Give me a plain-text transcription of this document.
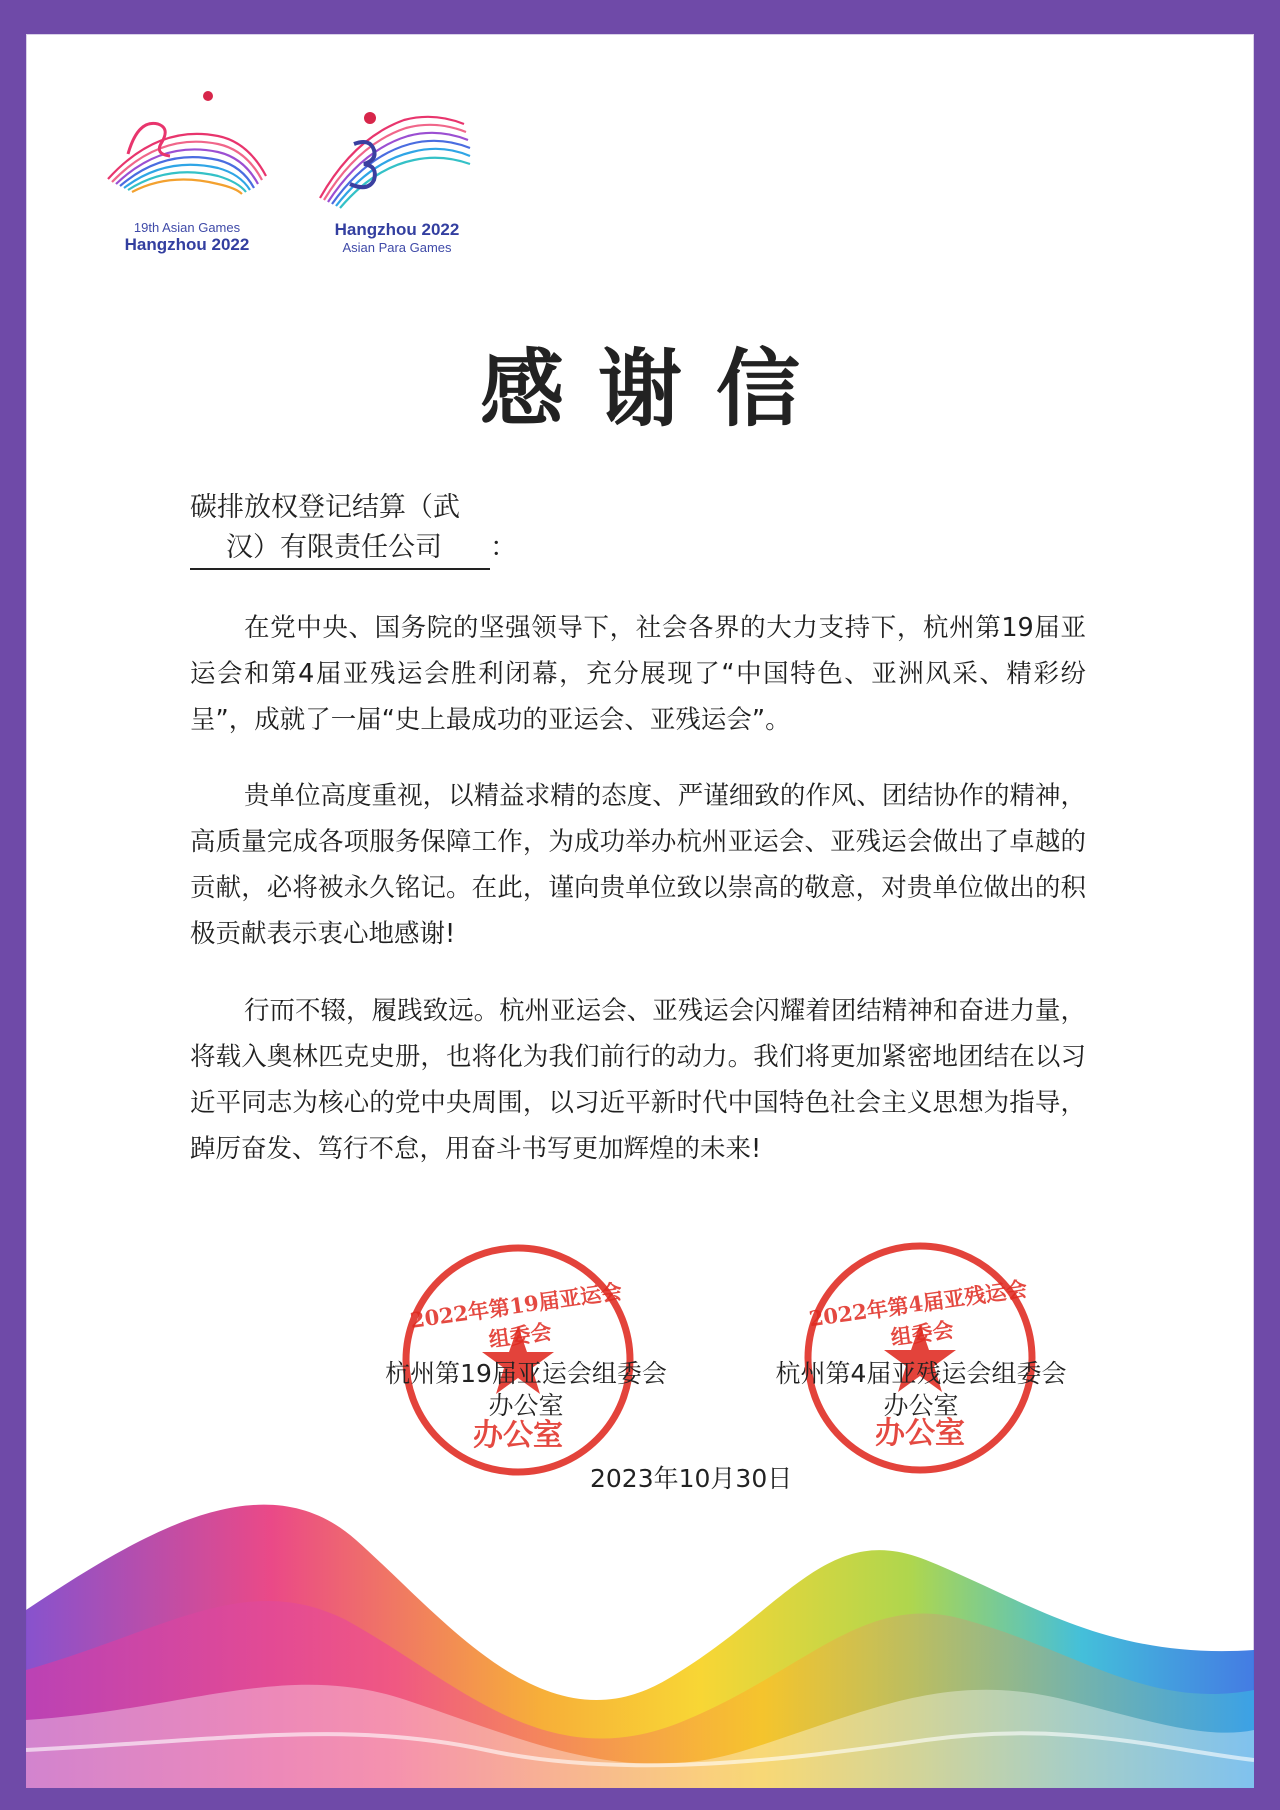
19th Asian Games
Hangzhou 2022
Hangzhou 2022
Asian Para Games
感谢信
碳排放权登记结算（武
汉）有限责任公司 ：

在党中央、国务院的坚强领导下，社会各界的大力支持下，杭州第19届亚运会和第4届亚残运会胜利闭幕，充分展现了“中国特色、亚洲风采、精彩纷呈”，成就了一届“史上最成功的亚运会、亚残运会”。

贵单位高度重视，以精益求精的态度、严谨细致的作风、团结协作的精神，高质量完成各项服务保障工作，为成功举办杭州亚运会、亚残运会做出了卓越的贡献，必将被永久铭记。在此，谨向贵单位致以崇高的敬意，对贵单位做出的积极贡献表示衷心地感谢!

行而不辍，履践致远。杭州亚运会、亚残运会闪耀着团结精神和奋进力量，将载入奥林匹克史册，也将化为我们前行的动力。我们将更加紧密地团结在以习近平同志为核心的党中央周围，以习近平新时代中国特色社会主义思想为指导，踔厉奋发、笃行不怠，用奋斗书写更加辉煌的未来!

杭州第19届亚运会组委会
办公室
杭州第4届亚残运会组委会
办公室
2022年第19届亚运会组委会
办公室
2022年第4届亚残运会组委会
办公室
2023年10月30日
